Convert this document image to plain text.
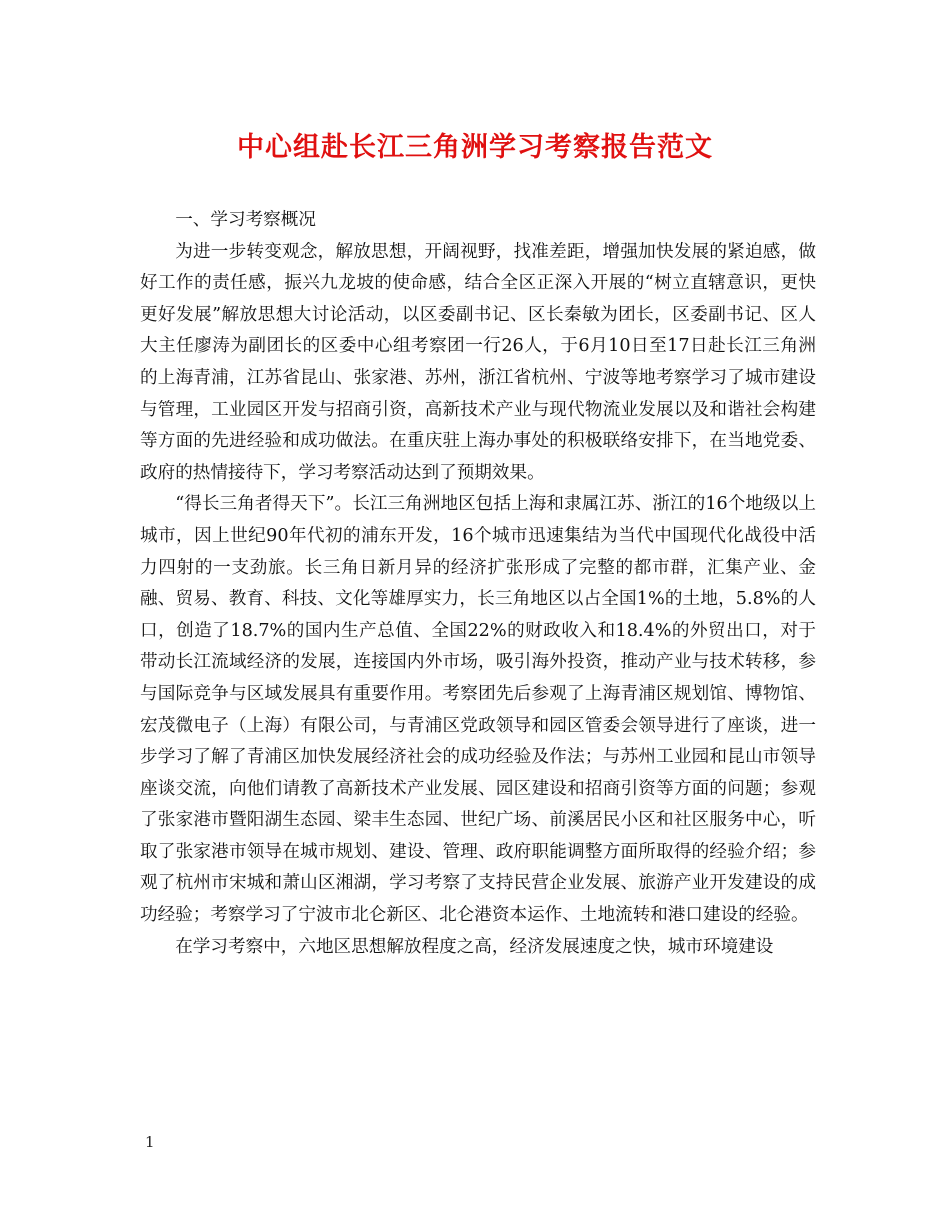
中心组赴长江三角洲学习考察报告范文

一、学习考察概况

为进一步转变观念，解放思想，开阔视野，找准差距，增强加快发展的紧迫感，做好工作的责任感，振兴九龙坡的使命感，结合全区正深入开展的“树立直辖意识，更快更好发展”解放思想大讨论活动，以区委副书记、区长秦敏为团长，区委副书记、区人大主任廖涛为副团长的区委中心组考察团一行26人，于6月10日至17日赴长江三角洲的上海青浦，江苏省昆山、张家港、苏州，浙江省杭州、宁波等地考察学习了城市建设与管理，工业园区开发与招商引资，高新技术产业与现代物流业发展以及和谐社会构建等方面的先进经验和成功做法。在重庆驻上海办事处的积极联络安排下，在当地党委、政府的热情接待下，学习考察活动达到了预期效果。

“得长三角者得天下”。长江三角洲地区包括上海和隶属江苏、浙江的16个地级以上城市，因上世纪90年代初的浦东开发，16个城市迅速集结为当代中国现代化战役中活力四射的一支劲旅。长三角日新月异的经济扩张形成了完整的都市群，汇集产业、金融、贸易、教育、科技、文化等雄厚实力，长三角地区以占全国1%的土地，5.8%的人口，创造了18.7%的国内生产总值、全国22%的财政收入和18.4%的外贸出口，对于带动长江流域经济的发展，连接国内外市场，吸引海外投资，推动产业与技术转移，参与国际竞争与区域发展具有重要作用。考察团先后参观了上海青浦区规划馆、博物馆、宏茂微电子（上海）有限公司，与青浦区党政领导和园区管委会领导进行了座谈，进一步学习了解了青浦区加快发展经济社会的成功经验及作法；与苏州工业园和昆山市领导座谈交流，向他们请教了高新技术产业发展、园区建设和招商引资等方面的问题；参观了张家港市暨阳湖生态园、梁丰生态园、世纪广场、前溪居民小区和社区服务中心，听取了张家港市领导在城市规划、建设、管理、政府职能调整方面所取得的经验介绍；参观了杭州市宋城和萧山区湘湖，学习考察了支持民营企业发展、旅游产业开发建设的成功经验；考察学习了宁波市北仑新区、北仑港资本运作、土地流转和港口建设的经验。

在学习考察中，六地区思想解放程度之高，经济发展速度之快，城市环境建设

1
